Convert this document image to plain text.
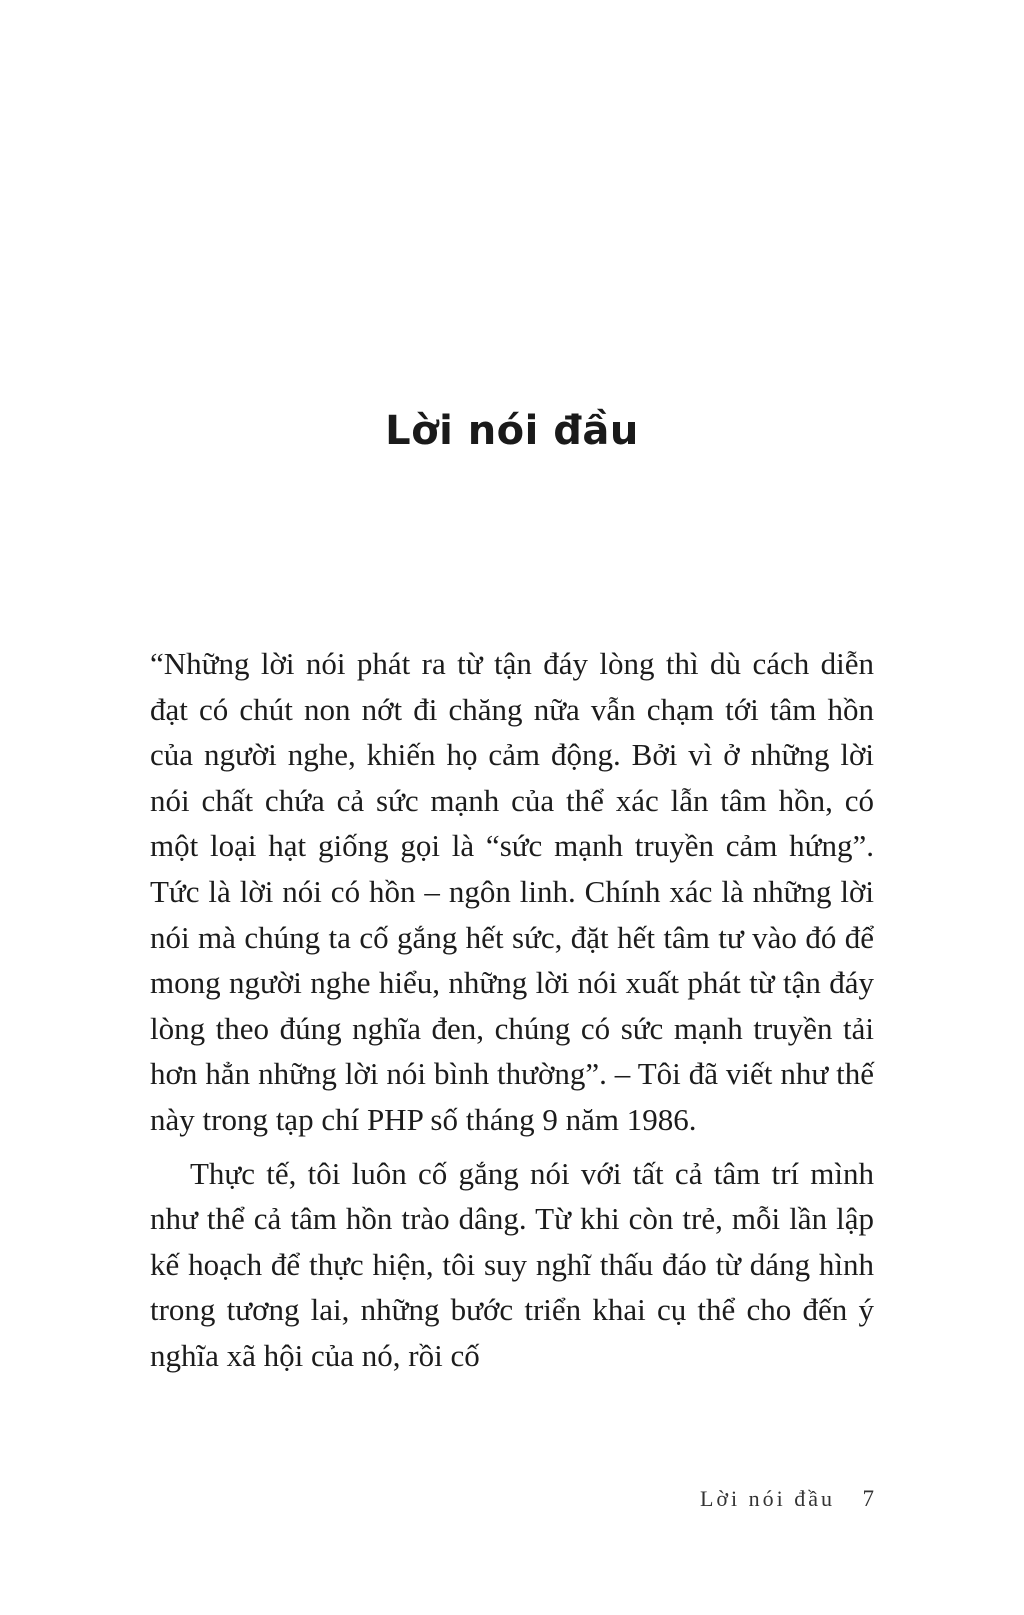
Lời nói đầu

“Những lời nói phát ra từ tận đáy lòng thì dù cách diễn đạt có chút non nớt đi chăng nữa vẫn chạm tới tâm hồn của người nghe, khiến họ cảm động. Bởi vì ở những lời nói chất chứa cả sức mạnh của thể xác lẫn tâm hồn, có một loại hạt giống gọi là “sức mạnh truyền cảm hứng”. Tức là lời nói có hồn – ngôn linh. Chính xác là những lời nói mà chúng ta cố gắng hết sức, đặt hết tâm tư vào đó để mong người nghe hiểu, những lời nói xuất phát từ tận đáy lòng theo đúng nghĩa đen, chúng có sức mạnh truyền tải hơn hẳn những lời nói bình thường”. – Tôi đã viết như thế này trong tạp chí PHP số tháng 9 năm 1986.

Thực tế, tôi luôn cố gắng nói với tất cả tâm trí mình như thể cả tâm hồn trào dâng. Từ khi còn trẻ, mỗi lần lập kế hoạch để thực hiện, tôi suy nghĩ thấu đáo từ dáng hình trong tương lai, những bước triển khai cụ thể cho đến ý nghĩa xã hội của nó, rồi cố

Lời nói đầu 7
